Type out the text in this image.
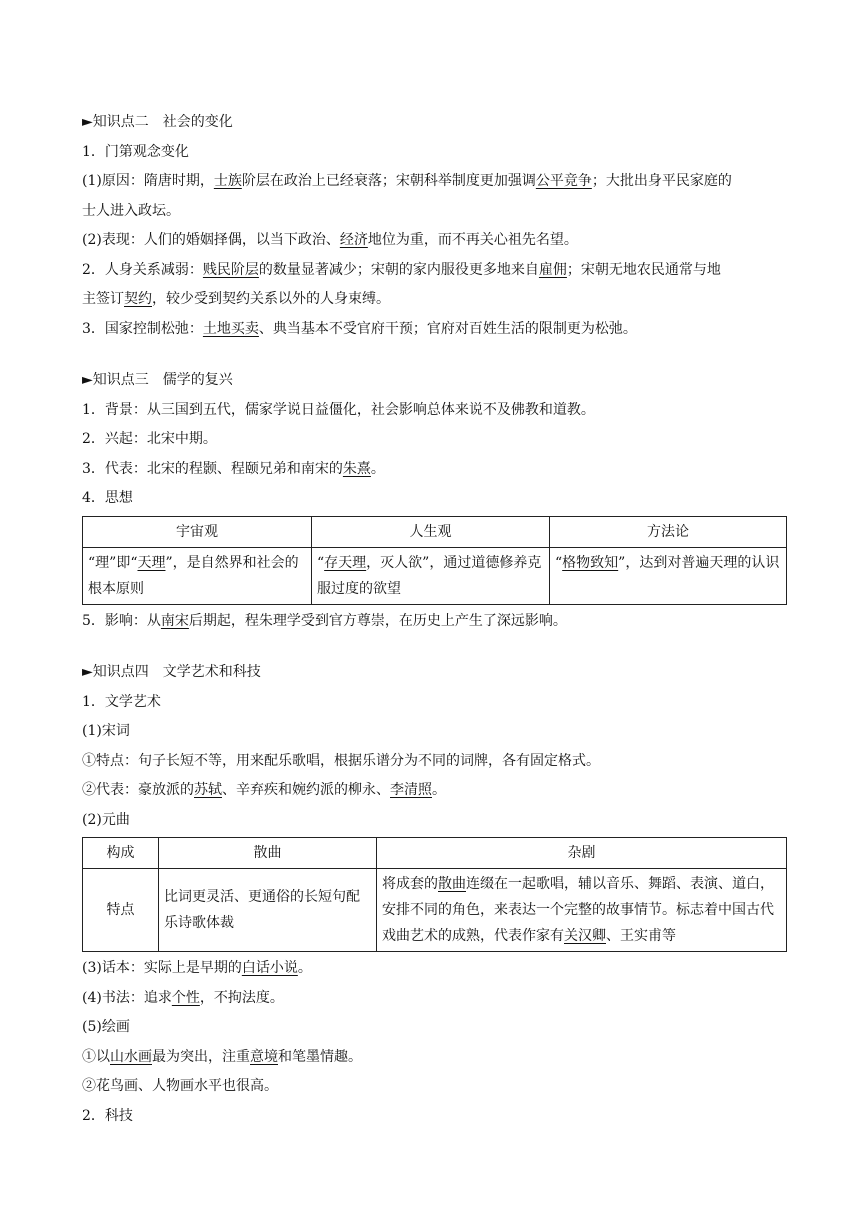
►知识点二　社会的变化
1．门第观念变化
(1)原因：隋唐时期，士族阶层在政治上已经衰落；宋朝科举制度更加强调公平竞争；大批出身平民家庭的
士人进入政坛。
(2)表现：人们的婚姻择偶，以当下政治、经济地位为重，而不再关心祖先名望。
2．人身关系减弱：贱民阶层的数量显著减少；宋朝的家内服役更多地来自雇佣；宋朝无地农民通常与地
主签订契约，较少受到契约关系以外的人身束缚。
3．国家控制松弛：土地买卖、典当基本不受官府干预；官府对百姓生活的限制更为松弛。
►知识点三　儒学的复兴
1．背景：从三国到五代，儒家学说日益僵化，社会影响总体来说不及佛教和道教。
2．兴起：北宋中期。
3．代表：北宋的程颢、程颐兄弟和南宋的朱熹。
4．思想
宇宙观	人生观	方法论
“理”即“天理”，是自然界和社会的根本原则	“存天理，灭人欲”，通过道德修养克服过度的欲望	“格物致知”，达到对普遍天理的认识
5．影响：从南宋后期起，程朱理学受到官方尊崇，在历史上产生了深远影响。
►知识点四　文学艺术和科技
1．文学艺术
(1)宋词
①特点：句子长短不等，用来配乐歌唱，根据乐谱分为不同的词牌，各有固定格式。
②代表：豪放派的苏轼、辛弃疾和婉约派的柳永、李清照。
(2)元曲
构成	散曲	杂剧
特点	比词更灵活、更通俗的长短句配乐诗歌体裁	将成套的散曲连缀在一起歌唱，辅以音乐、舞蹈、表演、道白，安排不同的角色，来表达一个完整的故事情节。标志着中国古代戏曲艺术的成熟，代表作家有关汉卿、王实甫等
(3)话本：实际上是早期的白话小说。
(4)书法：追求个性，不拘法度。
(5)绘画
①以山水画最为突出，注重意境和笔墨情趣。
②花鸟画、人物画水平也很高。
2．科技
